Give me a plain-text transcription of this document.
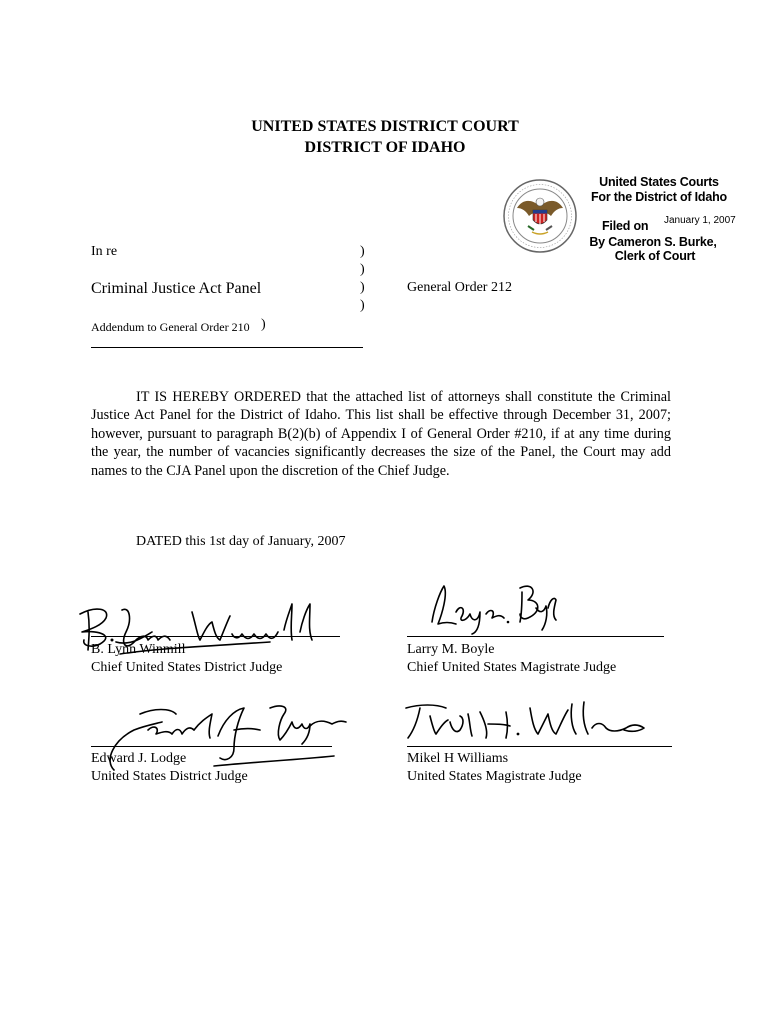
UNITED STATES DISTRICT COURT
DISTRICT OF IDAHO
United States Courts
For the District of Idaho
Filed on January 1, 2007
By Cameron S. Burke,
Clerk of Court
In re
Criminal Justice Act Panel
Addendum to General Order 210
)
)
)
)
)
General Order 212
IT IS HEREBY ORDERED that the attached list of attorneys shall constitute the Criminal Justice Act Panel for the District of Idaho. This list shall be effective through December 31, 2007; however, pursuant to paragraph B(2)(b) of Appendix I of General Order #210, if at any time during the year, the number of vacancies significantly decreases the size of the Panel, the Court may add names to the CJA Panel upon the discretion of the Chief Judge.
DATED this 1st day of January, 2007
B. Lynn Winmill
Chief United States District Judge
Larry M. Boyle
Chief United States Magistrate Judge
Edward J. Lodge
United States District Judge
Mikel H Williams
United States Magistrate Judge
